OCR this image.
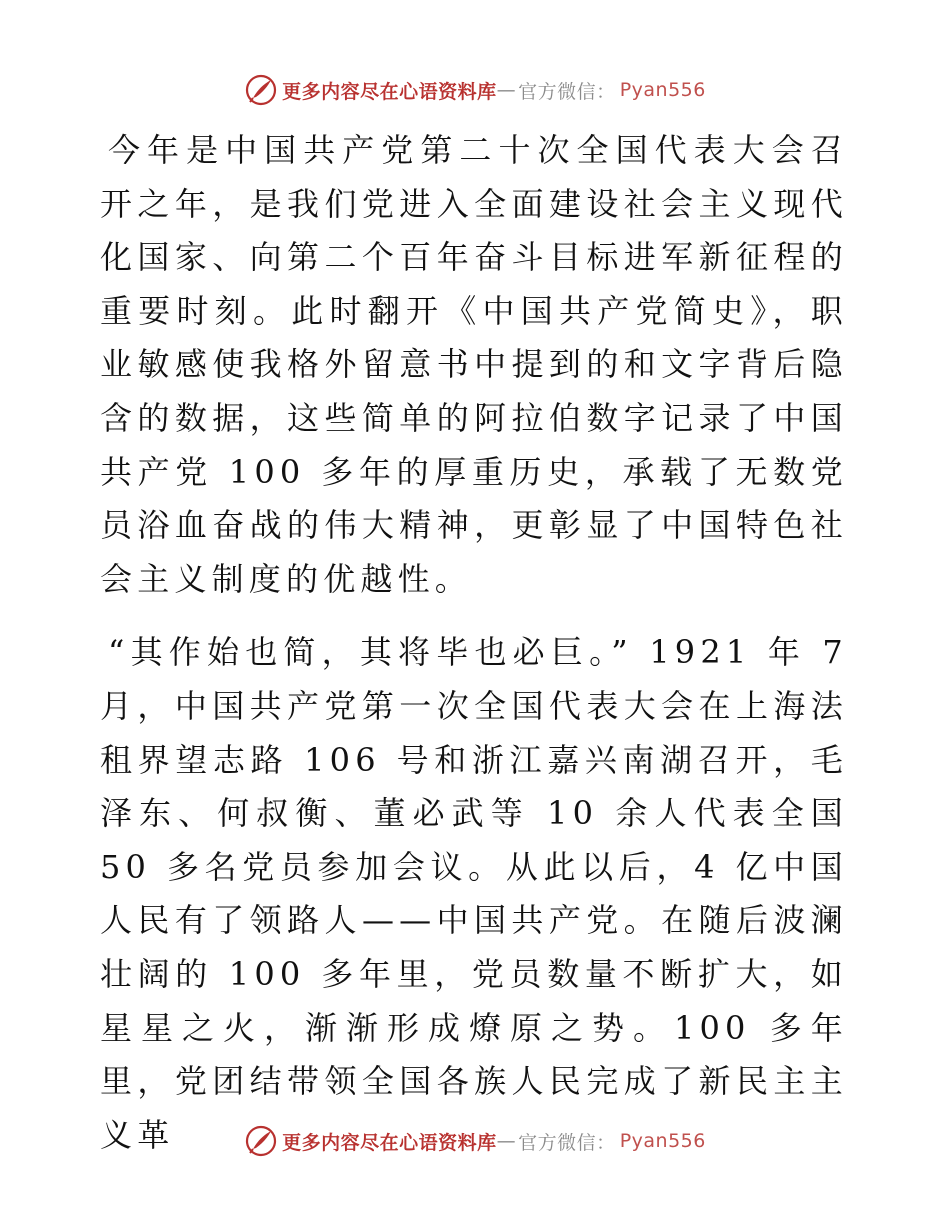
更多内容尽在心语资料库 — 官方微信： Pyan556

今年是中国共产党第二十次全国代表大会召开之年，是我们党进入全面建设社会主义现代化国家、向第二个百年奋斗目标进军新征程的重要时刻。此时翻开《中国共产党简史》，职业敏感使我格外留意书中提到的和文字背后隐含的数据，这些简单的阿拉伯数字记录了中国共产党 100 多年的厚重历史，承载了无数党员浴血奋战的伟大精神，更彰显了中国特色社会主义制度的优越性。

“其作始也简，其将毕也必巨。” 1921 年 7 月，中国共产党第一次全国代表大会在上海法租界望志路 106 号和浙江嘉兴南湖召开，毛泽东、何叔衡、董必武等 10 余人代表全国 50 多名党员参加会议。从此以后，4 亿中国人民有了领路人——中国共产党。在随后波澜壮阔的 100 多年里，党员数量不断扩大，如星星之火，渐渐形成燎原之势。100 多年里，党团结带领全国各族人民完成了新民主主义革	更多内容尽在心语资料库 — 官方微信： Pyan556
